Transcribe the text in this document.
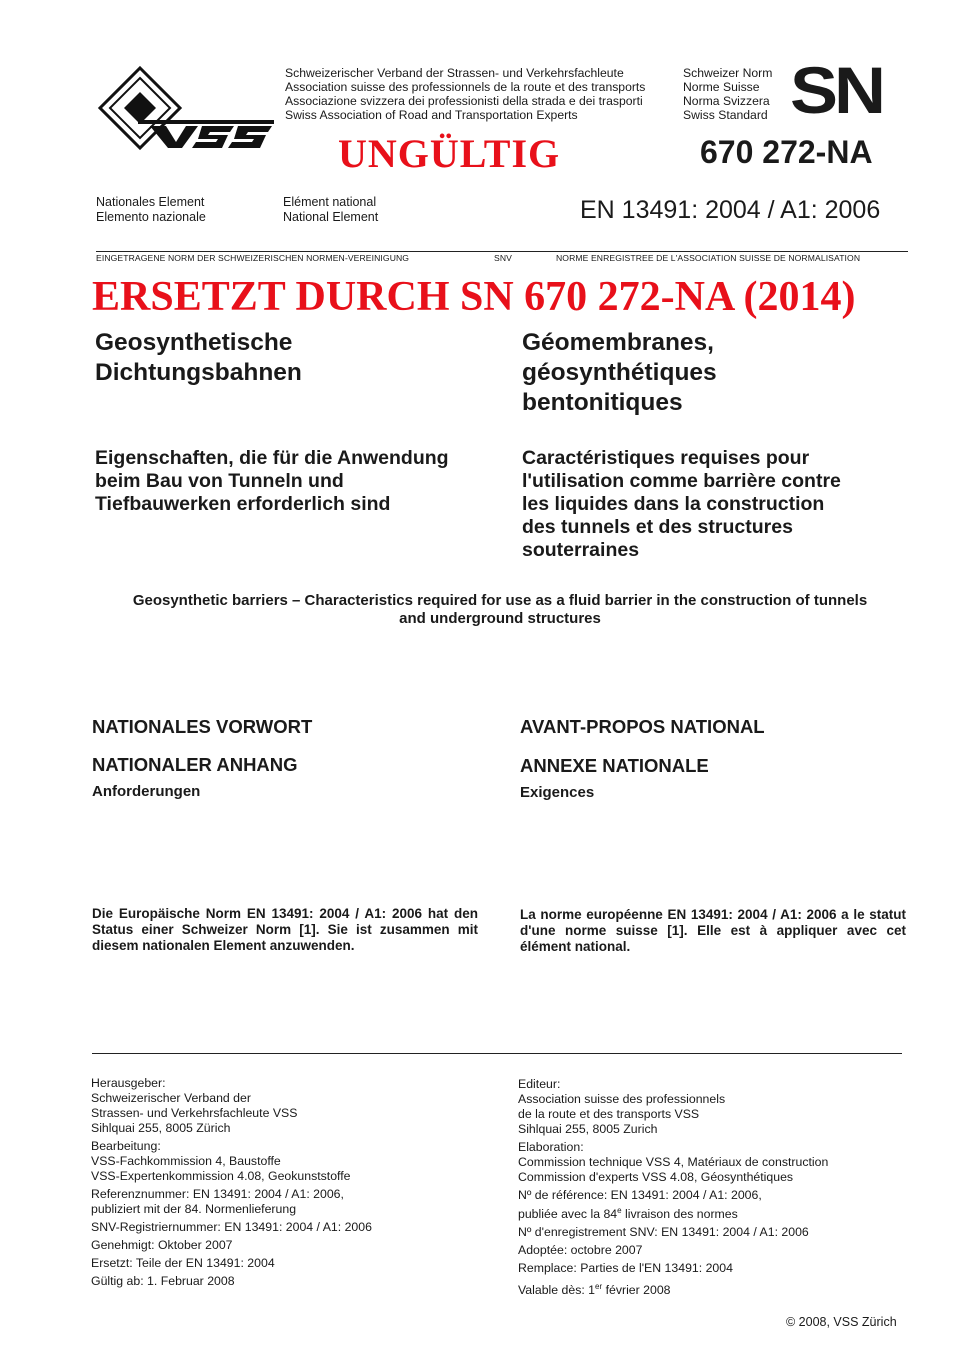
Schweizerischer Verband der Strassen- und Verkehrsfachleute
Association suisse des professionnels de la route et des transports
Associazione svizzera dei professionisti della strada e dei trasporti
Swiss Association of Road and Transportation Experts
Schweizer Norm
Norme Suisse
Norma Svizzera
Swiss Standard SN
UNGÜLTIG	670 272-NA
Nationales Element
Elemento nazionale
Elément national
National Element	EN 13491: 2004 / A1: 2006
EINGETRAGENE NORM DER SCHWEIZERISCHEN NORMEN-VEREINIGUNG	SNV	NORME ENREGISTREE DE L'ASSOCIATION SUISSE DE NORMALISATION
ERSETZT DURCH SN 670 272-NA (2014)
Geosynthetische
Dichtungsbahnen
Géomembranes,
géosynthétiques
bentonitiques
Eigenschaften, die für die Anwendung
beim Bau von Tunneln und
Tiefbauwerken erforderlich sind
Caractéristiques requises pour
l'utilisation comme barrière contre
les liquides dans la construction
des tunnels et des structures
souterraines
Geosynthetic barriers – Characteristics required for use as a fluid barrier in the construction of tunnels
and underground structures
NATIONALES VORWORT
NATIONALER ANHANG
Anforderungen
AVANT-PROPOS NATIONAL
ANNEXE NATIONALE
Exigences
Die Europäische Norm EN 13491: 2004 / A1: 2006 hat den Status einer Schweizer Norm [1]. Sie ist zusammen mit diesem nationalen Element anzuwenden.
La norme européenne EN 13491: 2004 / A1: 2006 a le statut d'une norme suisse [1]. Elle est à appliquer avec cet élément national.
Herausgeber:
Schweizerischer Verband der
Strassen- und Verkehrsfachleute VSS
Sihlquai 255, 8005 Zürich
Bearbeitung:
VSS-Fachkommission 4, Baustoffe
VSS-Expertenkommission 4.08, Geokunststoffe
Referenznummer: EN 13491: 2004 / A1: 2006,
publiziert mit der 84. Normenlieferung
SNV-Registriernummer: EN 13491: 2004 / A1: 2006
Genehmigt: Oktober 2007
Ersetzt: Teile der EN 13491: 2004
Gültig ab: 1. Februar 2008
Editeur:
Association suisse des professionnels
de la route et des transports VSS
Sihlquai 255, 8005 Zurich
Elaboration:
Commission technique VSS 4, Matériaux de construction
Commission d'experts VSS 4.08, Géosynthétiques
Nº de référence: EN 13491: 2004 / A1: 2006,
publiée avec la 84e livraison des normes
Nº d'enregistrement SNV: EN 13491: 2004 / A1: 2006
Adoptée: octobre 2007
Remplace: Parties de l'EN 13491: 2004
Valable dès: 1er février 2008
© 2008, VSS Zürich
